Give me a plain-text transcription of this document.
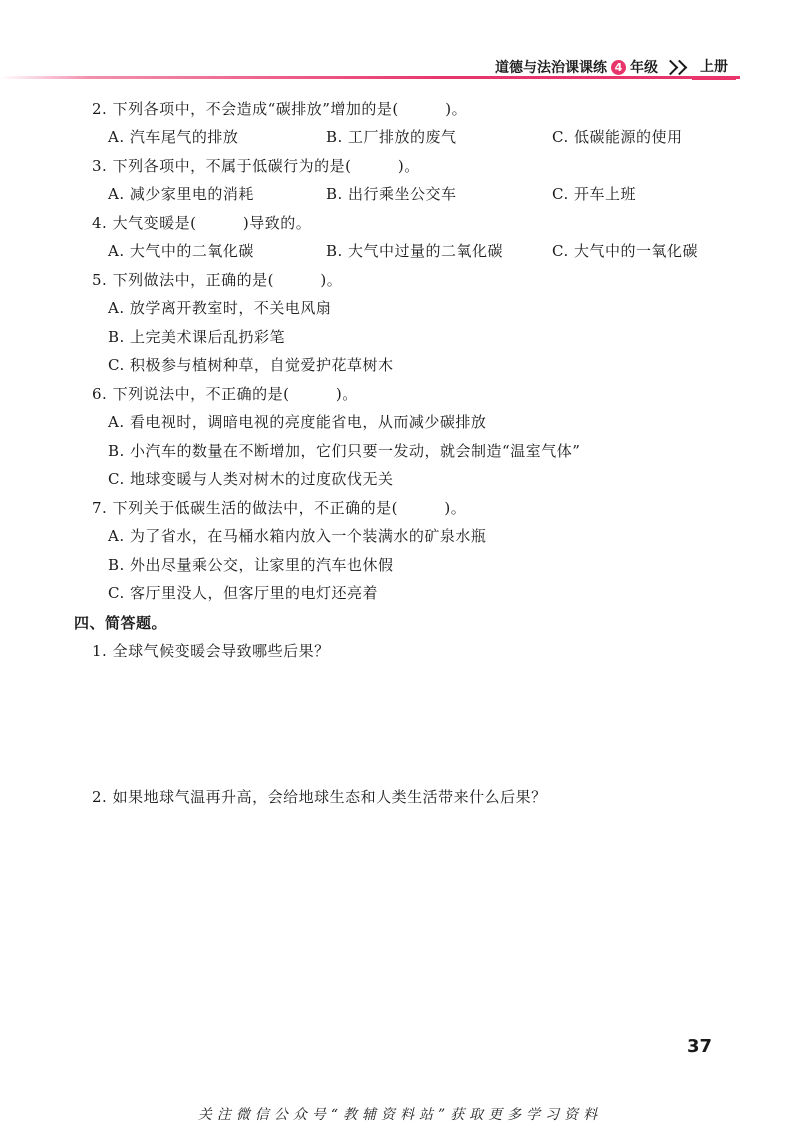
道德与法治课课练 4 年级	上册
2. 下列各项中，不会造成“碳排放”增加的是(　　　)。
A. 汽车尾气的排放	B. 工厂排放的废气	C. 低碳能源的使用
3. 下列各项中，不属于低碳行为的是(　　　)。
A. 减少家里电的消耗	B. 出行乘坐公交车	C. 开车上班
4. 大气变暖是(　　　)导致的。
A. 大气中的二氧化碳	B. 大气中过量的二氧化碳	C. 大气中的一氧化碳
5. 下列做法中，正确的是(　　　)。
A. 放学离开教室时，不关电风扇
B. 上完美术课后乱扔彩笔
C. 积极参与植树种草，自觉爱护花草树木
6. 下列说法中，不正确的是(　　　)。
A. 看电视时，调暗电视的亮度能省电，从而减少碳排放
B. 小汽车的数量在不断增加，它们只要一发动，就会制造“温室气体”
C. 地球变暖与人类对树木的过度砍伐无关
7. 下列关于低碳生活的做法中，不正确的是(　　　)。
A. 为了省水，在马桶水箱内放入一个装满水的矿泉水瓶
B. 外出尽量乘公交，让家里的汽车也休假
C. 客厅里没人，但客厅里的电灯还亮着
四、简答题。
1. 全球气候变暖会导致哪些后果？
2. 如果地球气温再升高，会给地球生态和人类生活带来什么后果？
37
关注微信公众号“教辅资料站”获取更多学习资料
